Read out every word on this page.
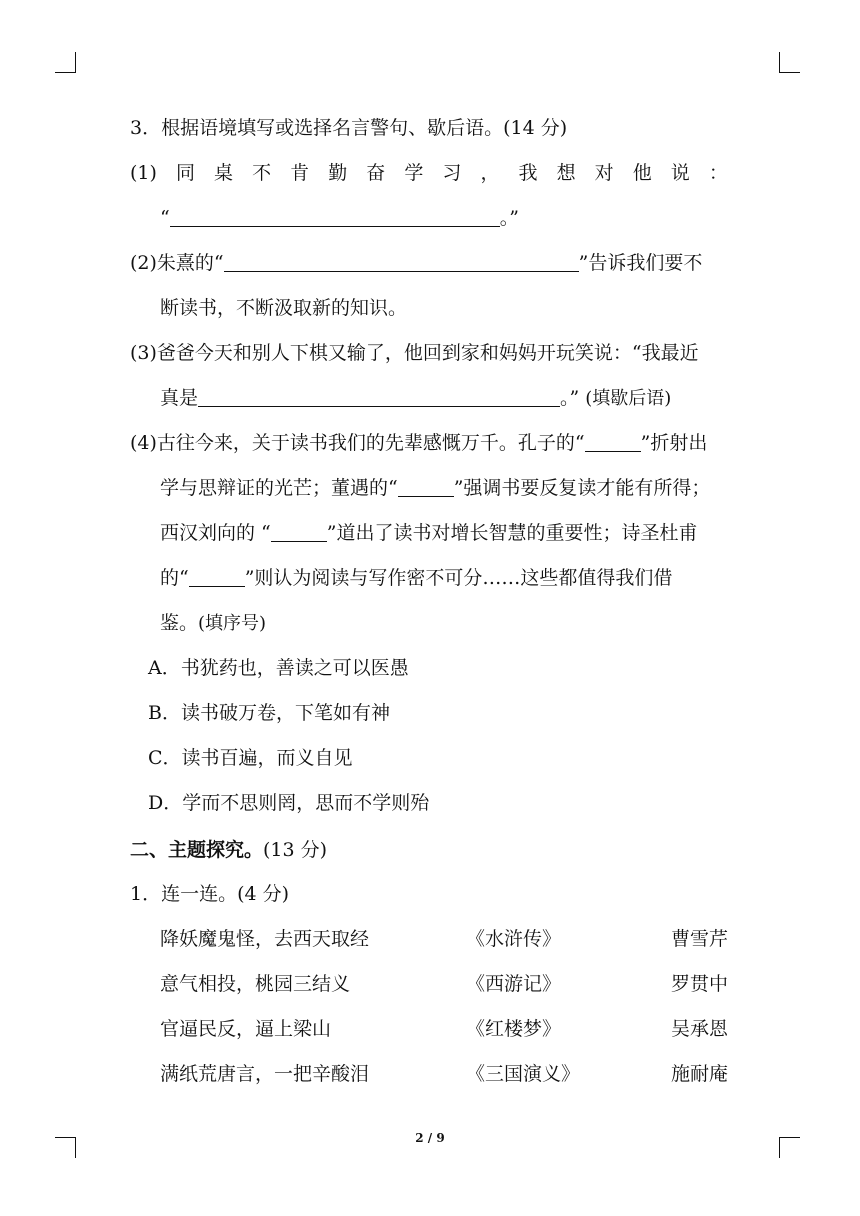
3．根据语境填写或选择名言警句、歇后语。(14 分)
(1) 同 桌 不 肯 勤 奋 学 习 ， 我 想 对 他 说 ：
“	。”
(2)朱熹的“	”告诉我们要不
断读书，不断汲取新的知识。
(3)爸爸今天和别人下棋又输了，他回到家和妈妈开玩笑说：“我最近
真是	。” (填歇后语)
(4)古往今来，关于读书我们的先辈感慨万千。孔子的“	”折射出
学与思辩证的光芒；董遇的“	”强调书要反复读才能有所得；
西汉刘向的 “	”道出了读书对增长智慧的重要性；诗圣杜甫
的“	”则认为阅读与写作密不可分……这些都值得我们借
鉴。(填序号)
A．书犹药也，善读之可以医愚
B．读书破万卷，下笔如有神
C．读书百遍，而义自见
D．学而不思则罔，思而不学则殆
二、主题探究。(13 分)
1．连一连。(4 分)
降妖魔鬼怪，去西天取经	《水浒传》	曹雪芹
意气相投，桃园三结义	《西游记》	罗贯中
官逼民反，逼上梁山	《红楼梦》	吴承恩
满纸荒唐言，一把辛酸泪	《三国演义》	施耐庵
2 / 9
